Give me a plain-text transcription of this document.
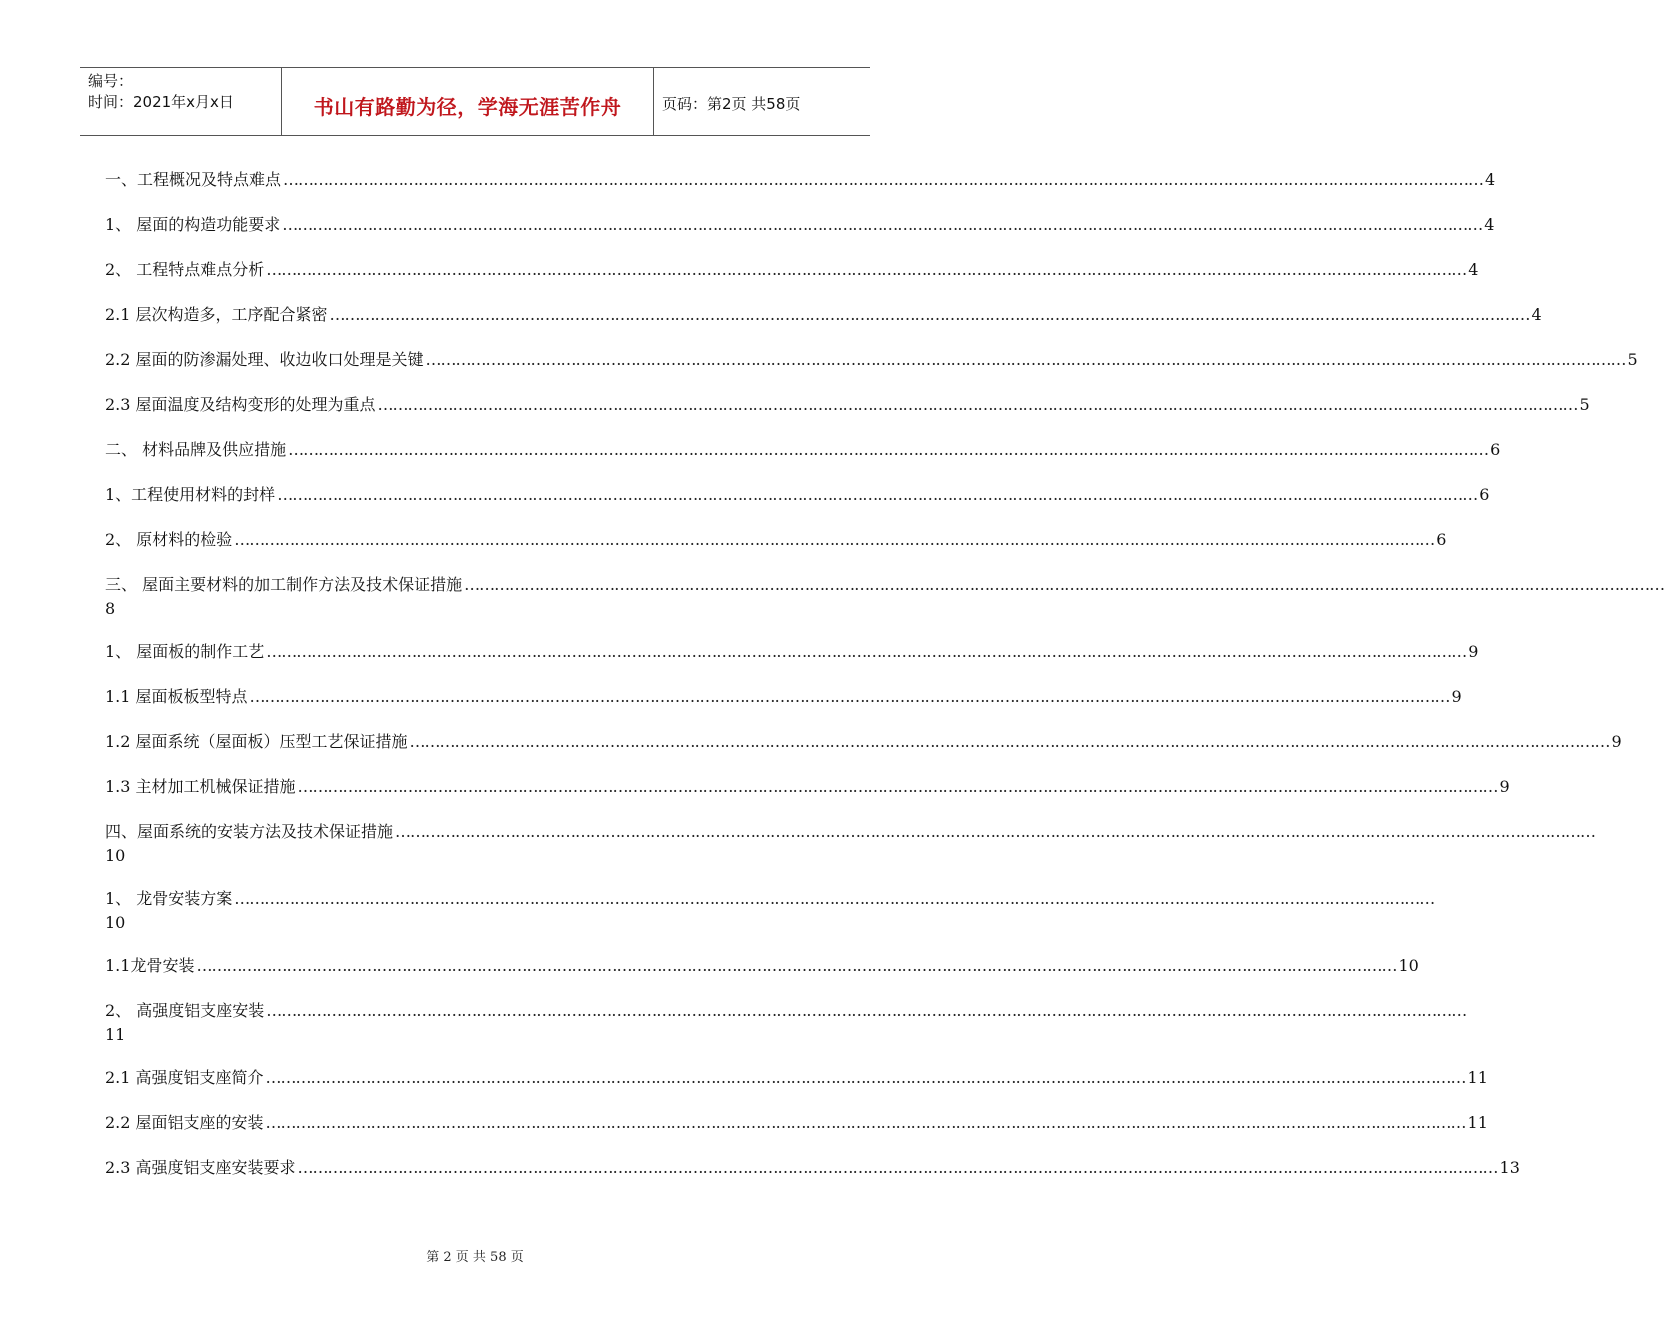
编号：
时间：2021年x月x日	书山有路勤为径，学海无涯苦作舟	页码：第2页 共58页
一、工程概况及特点难点 …………………………………………………………………………………………………………………………………………………………………………………………………………………… 4
1、 屋面的构造功能要求 …………………………………………………………………………………………………………………………………………………………………………………………………………………… 4
2、 工程特点难点分析 …………………………………………………………………………………………………………………………………………………………………………………………………………………… 4
2.1 层次构造多，工序配合紧密 …………………………………………………………………………………………………………………………………………………………………………………………………………………… 4
2.2 屋面的防渗漏处理、收边收口处理是关键 …………………………………………………………………………………………………………………………………………………………………………………………………………………… 5
2.3 屋面温度及结构变形的处理为重点 …………………………………………………………………………………………………………………………………………………………………………………………………………………… 5
二、 材料品牌及供应措施 …………………………………………………………………………………………………………………………………………………………………………………………………………………… 6
1、工程使用材料的封样 …………………………………………………………………………………………………………………………………………………………………………………………………………………… 6
2、 原材料的检验 …………………………………………………………………………………………………………………………………………………………………………………………………………………… 6
三、 屋面主要材料的加工制作方法及技术保证措施 ……………………………………………………………………………………………………………………………………………………………………………………………………………………
8
1、 屋面板的制作工艺 …………………………………………………………………………………………………………………………………………………………………………………………………………………… 9
1.1 屋面板板型特点 …………………………………………………………………………………………………………………………………………………………………………………………………………………… 9
1.2 屋面系统（屋面板）压型工艺保证措施 …………………………………………………………………………………………………………………………………………………………………………………………………………………… 9
1.3 主材加工机械保证措施 …………………………………………………………………………………………………………………………………………………………………………………………………………………… 9
四、屋面系统的安装方法及技术保证措施 ……………………………………………………………………………………………………………………………………………………………………………………………………………………
10
1、 龙骨安装方案 ……………………………………………………………………………………………………………………………………………………………………………………………………………………
10
1.1龙骨安装 …………………………………………………………………………………………………………………………………………………………………………………………………………………… 10
2、 高强度铝支座安装 ……………………………………………………………………………………………………………………………………………………………………………………………………………………
11
2.1 高强度铝支座简介 …………………………………………………………………………………………………………………………………………………………………………………………………………………… 11
2.2 屋面铝支座的安装 …………………………………………………………………………………………………………………………………………………………………………………………………………………… 11
2.3 高强度铝支座安装要求 …………………………………………………………………………………………………………………………………………………………………………………………………………………… 13
第 2 页 共 58 页
